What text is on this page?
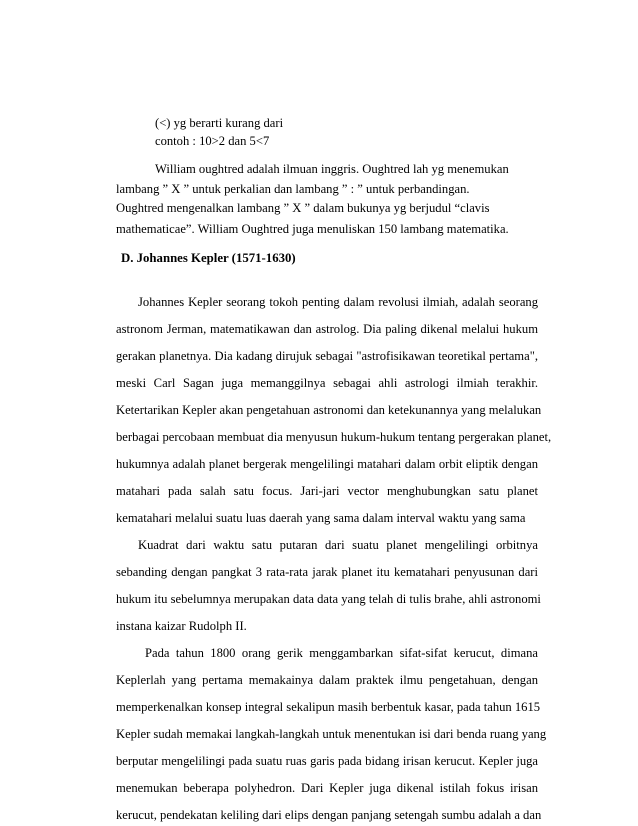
(<) yg berarti kurang dari
contoh : 10>2 dan 5<7
William oughtred adalah ilmuan inggris. Oughtred lah yg menemukan
lambang ” X ” untuk perkalian dan lambang ” : ” untuk perbandingan.
Oughtred mengenalkan lambang ” X ” dalam bukunya yg berjudul “clavis
mathematicae”. William Oughtred juga menuliskan 150 lambang matematika.
D. Johannes Kepler (1571-1630)
Johannes Kepler seorang tokoh penting dalam revolusi ilmiah, adalah seorang
astronom Jerman, matematikawan dan astrolog. Dia paling dikenal melalui hukum
gerakan planetnya. Dia kadang dirujuk sebagai "astrofisikawan teoretikal pertama",
meski Carl Sagan juga memanggilnya sebagai ahli astrologi ilmiah terakhir.
Ketertarikan Kepler akan pengetahuan astronomi dan ketekunannya yang melalukan
berbagai percobaan membuat dia menyusun hukum-hukum tentang pergerakan planet,
hukumnya adalah planet bergerak mengelilingi matahari dalam orbit eliptik dengan
matahari pada salah satu focus. Jari-jari vector menghubungkan satu planet
kematahari melalui suatu luas daerah yang sama dalam interval waktu yang sama
Kuadrat dari waktu satu putaran dari suatu planet mengelilingi orbitnya
sebanding dengan pangkat 3 rata-rata jarak planet itu kematahari penyusunan dari
hukum itu sebelumnya merupakan data data yang telah di tulis brahe, ahli astronomi
instana kaizar Rudolph II.
Pada tahun 1800 orang gerik menggambarkan sifat-sifat kerucut, dimana
Keplerlah yang pertama memakainya dalam praktek ilmu pengetahuan, dengan
memperkenalkan konsep integral sekalipun masih berbentuk kasar, pada tahun 1615
Kepler sudah memakai langkah-langkah untuk menentukan isi dari benda ruang yang
berputar mengelilingi pada suatu ruas garis pada bidang irisan kerucut. Kepler juga
menemukan beberapa polyhedron. Dari Kepler juga dikenal istilah fokus irisan
kerucut, pendekatan keliling dari elips dengan panjang setengah sumbu adalah a dan
